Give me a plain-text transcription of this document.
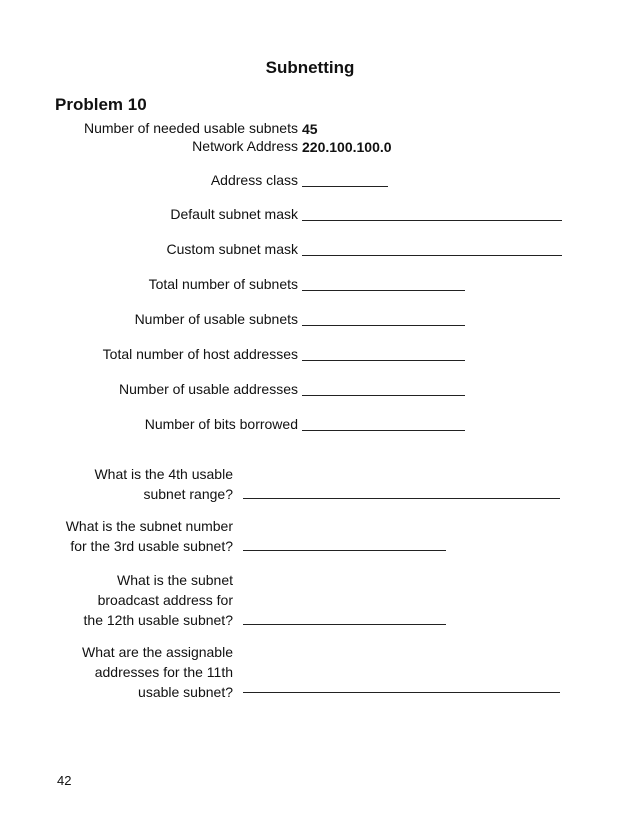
Subnetting
Problem 10
Number of needed usable subnets 45
Network Address 220.100.100.0
Address class
Default subnet mask
Custom subnet mask
Total number of subnets
Number of usable subnets
Total number of host addresses
Number of usable addresses
Number of bits borrowed
What is the 4th usable
subnet range?
What is the subnet number
for the 3rd usable subnet?
What is the subnet
broadcast address for
the 12th usable subnet?
What are the assignable
addresses for the 11th
usable subnet?
42
